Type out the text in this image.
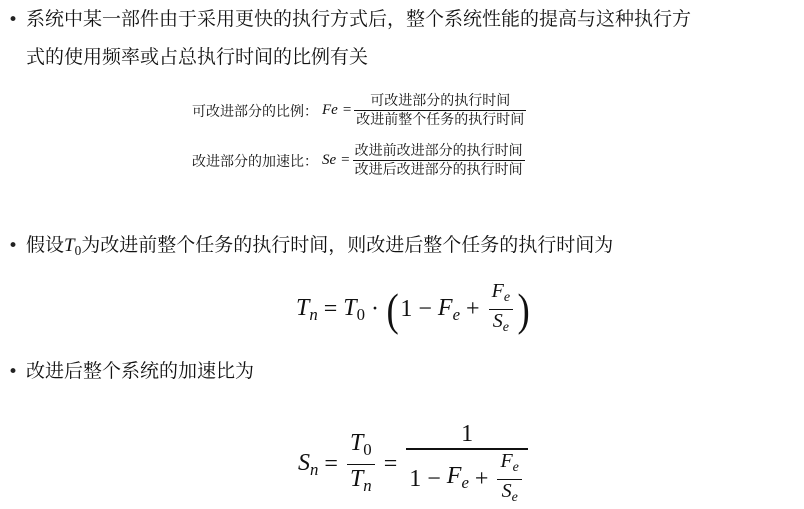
• 系统中某一部件由于采用更快的执行方式后，整个系统性能的提高与这种执行方
式的使用频率或占总执行时间的比例有关
可改进部分的比例： $Fe = \frac{\text{可改进部分的执行时间}}{\text{改进前整个任务的执行时间}}$
改进部分的加速比： $Se = \frac{\text{改进前改进部分的执行时间}}{\text{改进后改进部分的执行时间}}$
• 假设$T_0$为改进前整个任务的执行时间，则改进后整个任务的执行时间为
$T_n = T_0$ · ( $1 - F_e + \frac{F_e}{S_e}$ )
• 改进后整个系统的加速比为
$S_n = \frac{T_0}{T_n}$ =
1
$1 - F_e + \frac{F_e}{S_e}$
